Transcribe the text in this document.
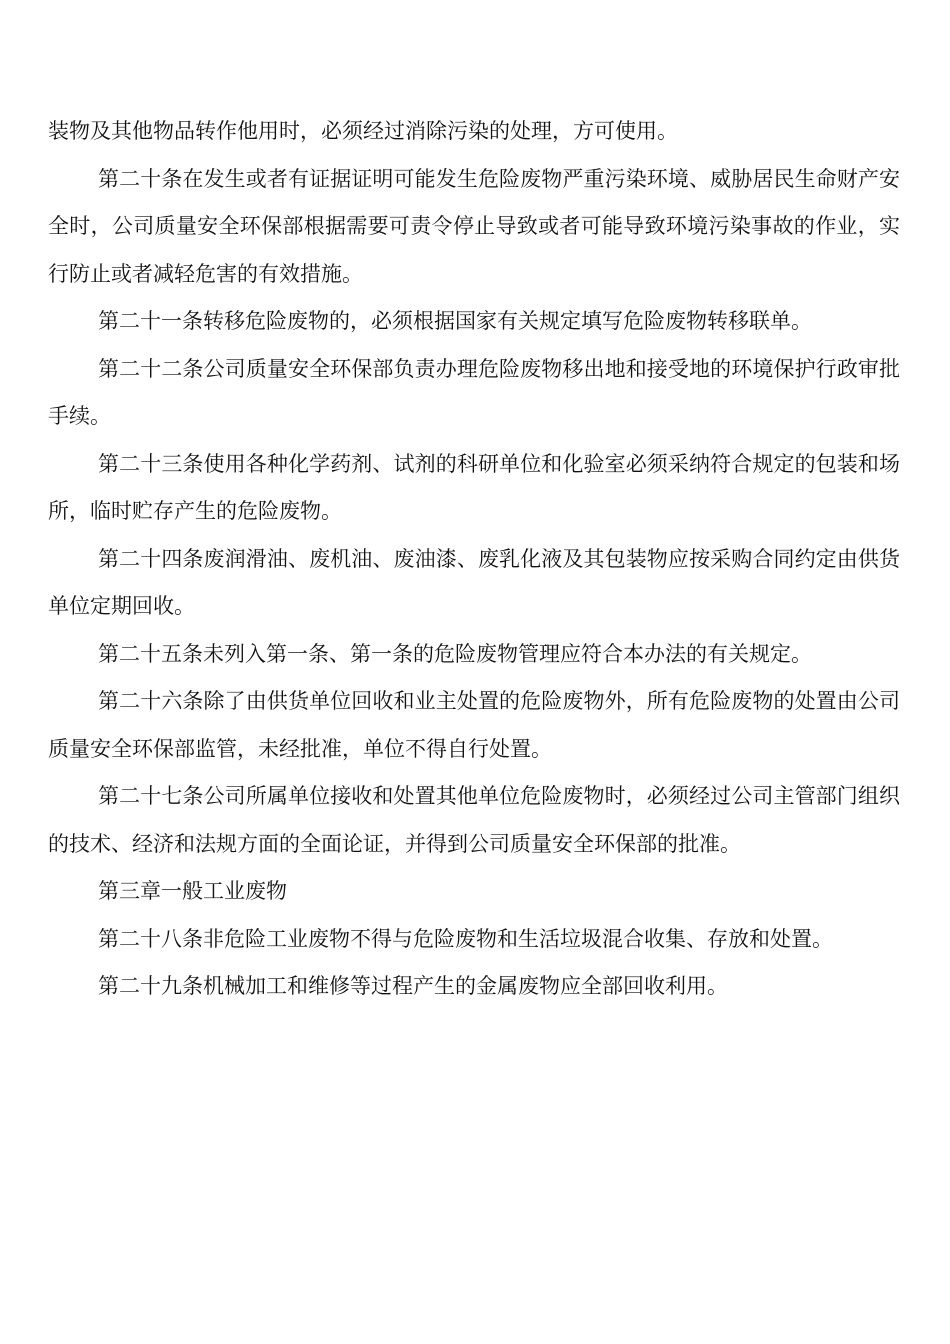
装物及其他物品转作他用时，必须经过消除污染的处理，方可使用。

第二十条在发生或者有证据证明可能发生危险废物严重污染环境、威胁居民生命财产安全时，公司质量安全环保部根据需要可责令停止导致或者可能导致环境污染事故的作业，实行防止或者减轻危害的有效措施。

第二十一条转移危险废物的，必须根据国家有关规定填写危险废物转移联单。

第二十二条公司质量安全环保部负责办理危险废物移出地和接受地的环境保护行政审批手续。

第二十三条使用各种化学药剂、试剂的科研单位和化验室必须采纳符合规定的包装和场所，临时贮存产生的危险废物。

第二十四条废润滑油、废机油、废油漆、废乳化液及其包装物应按采购合同约定由供货单位定期回收。

第二十五条未列入第一条、第一条的危险废物管理应符合本办法的有关规定。

第二十六条除了由供货单位回收和业主处置的危险废物外，所有危险废物的处置由公司质量安全环保部监管，未经批准，单位不得自行处置。

第二十七条公司所属单位接收和处置其他单位危险废物时，必须经过公司主管部门组织的技术、经济和法规方面的全面论证，并得到公司质量安全环保部的批准。

第三章一般工业废物

第二十八条非危险工业废物不得与危险废物和生活垃圾混合收集、存放和处置。

第二十九条机械加工和维修等过程产生的金属废物应全部回收利用。
